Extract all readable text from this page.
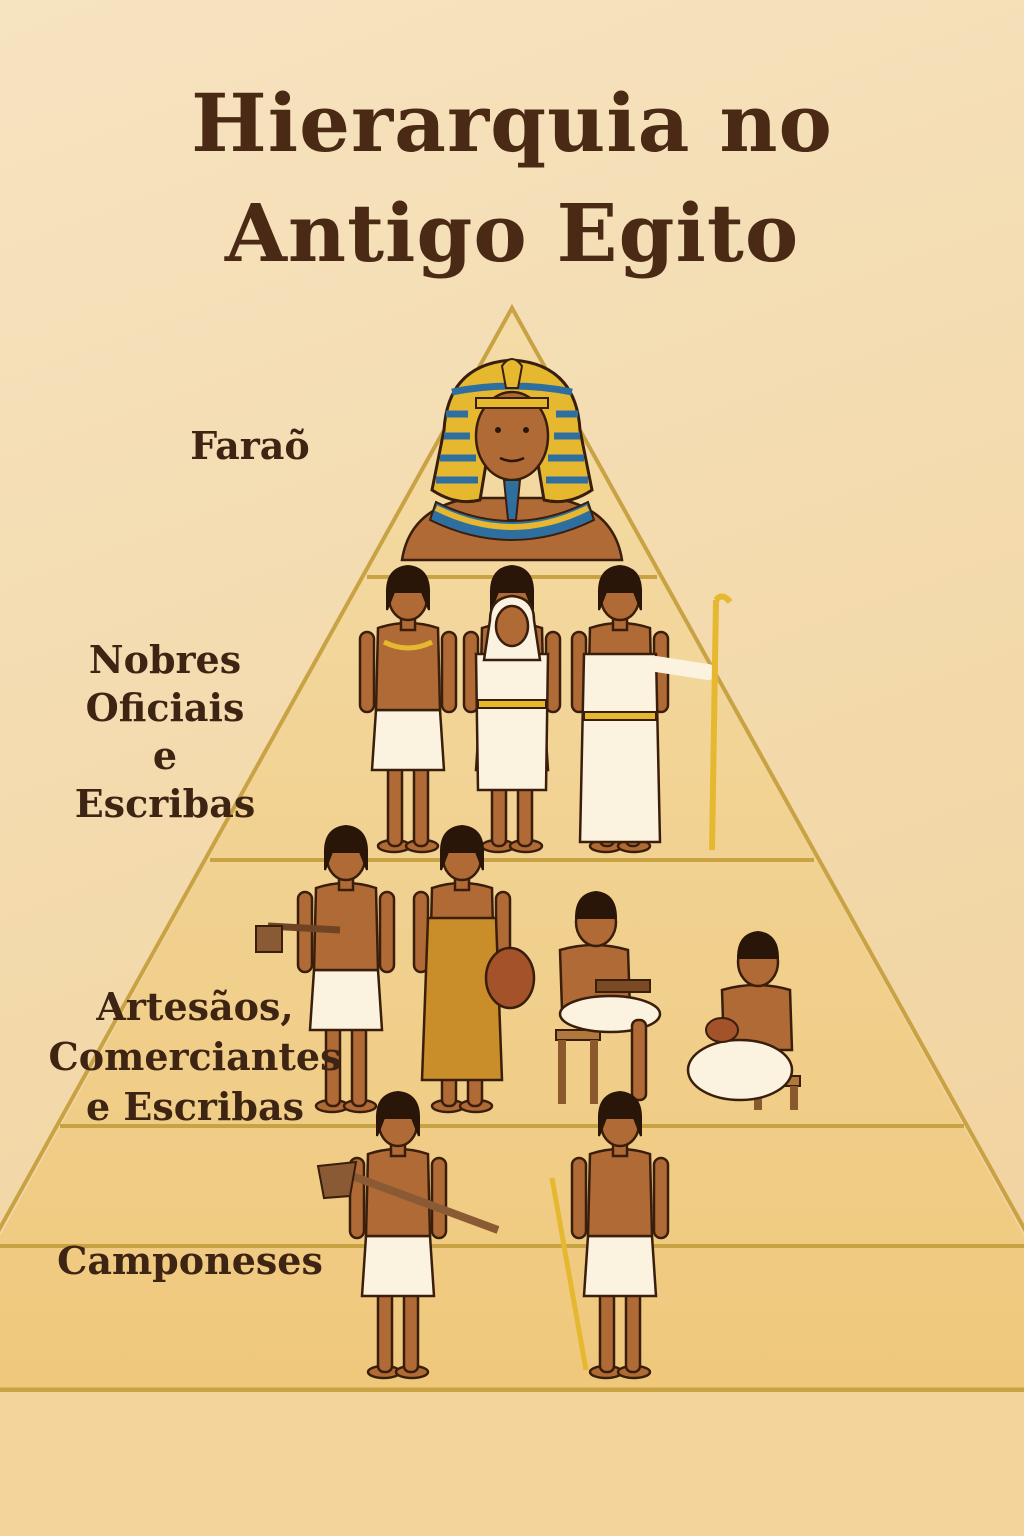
Hierarquia no
Antigo Egito
Faraõ
Nobres
Oficiais
e
Escribas
Artesãos,
Comerciantes
e Escribas
Camponeses
